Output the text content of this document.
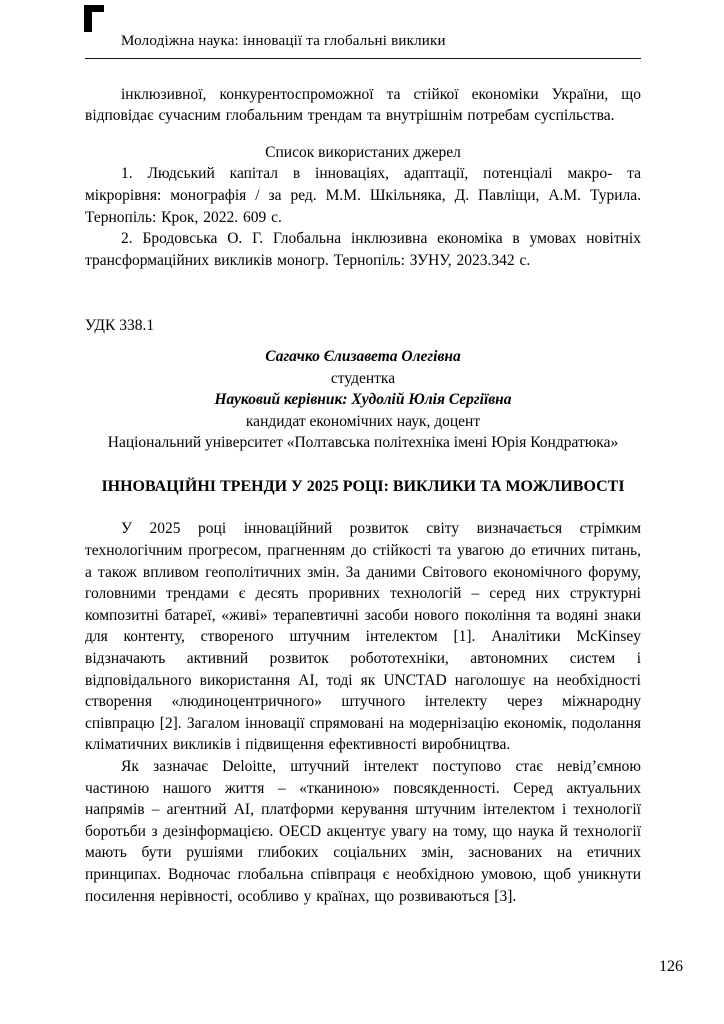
Молодіжна наука: інновації та глобальні виклики

інклюзивної, конкурентоспроможної та стійкої економіки України, що відповідає сучасним глобальним трендам та внутрішнім потребам суспільства.

Список використаних джерел

1. Людський капітал в інноваціях, адаптації, потенціалі макро- та мікрорівня: монографія / за ред. М.М. Шкільняка, Д. Павліщи, А.М. Турила. Тернопіль: Крок, 2022. 609 с.

2. Бродовська О. Г. Глобальна інклюзивна економіка в умовах новітніх трансформаційних викликів моногр. Тернопіль: ЗУНУ, 2023.342 с.

УДК 338.1
Сагачко Єлизавета Олегівна
студентка
Науковий керівник: Худолій Юлія Сергіївна
кандидат економічних наук, доцент
Національний університет «Полтавська політехніка імені Юрія Кондратюка»
ІННОВАЦІЙНІ ТРЕНДИ У 2025 РОЦІ: ВИКЛИКИ ТА МОЖЛИВОСТІ

У 2025 році інноваційний розвиток світу визначається стрімким технологічним прогресом, прагненням до стійкості та увагою до етичних питань, а також впливом геополітичних змін. За даними Світового економічного форуму, головними трендами є десять проривних технологій – серед них структурні композитні батареї, «живі» терапевтичні засоби нового покоління та водяні знаки для контенту, створеного штучним інтелектом [1]. Аналітики McKinsey відзначають активний розвиток робототехніки, автономних систем і відповідального використання АІ, тоді як UNCTAD наголошує на необхідності створення «людиноцентричного» штучного інтелекту через міжнародну співпрацю [2]. Загалом інновації спрямовані на модернізацію економік, подолання кліматичних викликів і підвищення ефективності виробництва.

Як зазначає Deloitte, штучний інтелект поступово стає невід’ємною частиною нашого життя – «тканиною» повсякденності. Серед актуальних напрямів – агентний АІ, платформи керування штучним інтелектом і технології боротьби з дезінформацією. OECD акцентує увагу на тому, що наука й технології мають бути рушіями глибоких соціальних змін, заснованих на етичних принципах. Водночас глобальна співпраця є необхідною умовою, щоб уникнути посилення нерівності, особливо у країнах, що розвиваються [3].

126
